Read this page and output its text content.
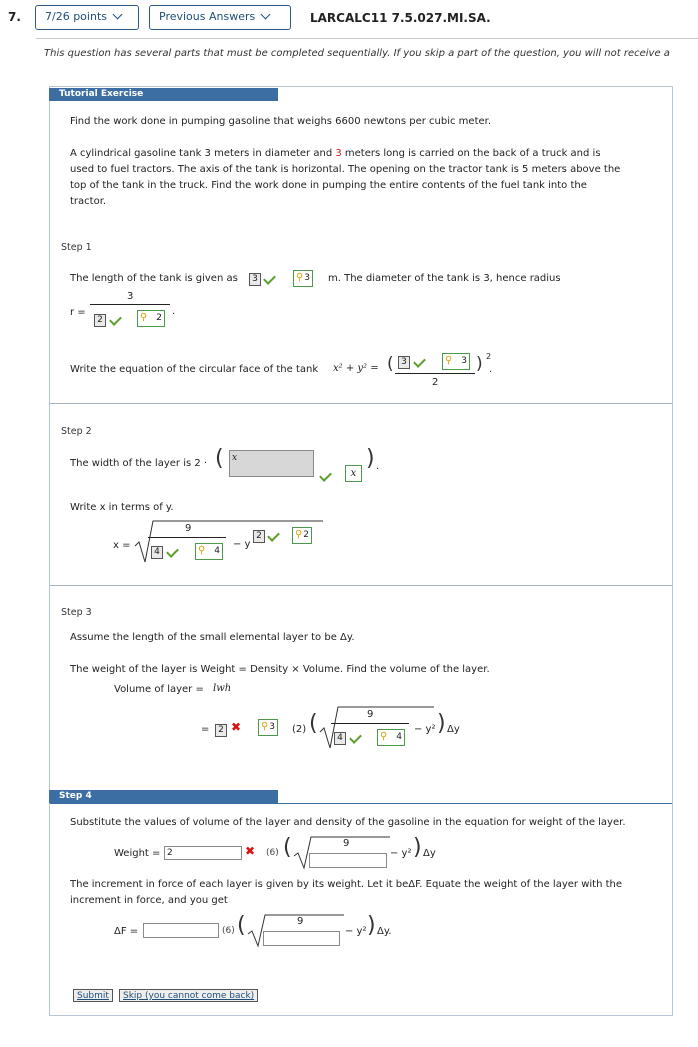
7.	7/26 points	Previous Answers	LARCALC11 7.5.027.MI.SA.
This question has several parts that must be completed sequentially. If you skip a part of the question, you will not receive a
Tutorial Exercise
Find the work done in pumping gasoline that weighs 6600 newtons per cubic meter.
A cylindrical gasoline tank 3 meters in diameter and 3 meters long is carried on the back of a truck and is
used to fuel tractors. The axis of the tank is horizontal. The opening on the tractor tank is 5 meters above the
top of the tank in the truck. Find the work done in pumping the entire contents of the fuel tank into the
tractor.
Step 1
The length of the tank is given as	3	⚲ 3 m. The diameter of the tank is 3, hence radius
r =
3
2	⚲ 2
.
Write the equation of the circular face of the tank x² + y² = ( 3	⚲ 3
2
) 2
.
Step 2
The width of the layer is 2 · ( x
x
) .
Write x in terms of y.
x =
9
4	⚲ 4
− y
2	⚲ 2
Step 3
Assume the length of the small elemental layer to be Δy.
The weight of the layer is Weight = Density × Volume. Find the volume of the layer.
Volume of layer = lwh
= 2 ✖ ⚲ 3 (2) (	9
4	⚲ 4
− y² ) Δy
Step 4
Substitute the values of volume of the layer and density of the gasoline in the equation for weight of the layer.
Weight = 2	✖ (6) (	9
− y² ) Δy
The increment in force of each layer is given by its weight. Let it beΔF. Equate the weight of the layer with the
increment in force, and you get
ΔF =	(6) (	9
− y² ) Δy.
Submit	Skip (you cannot come back)
